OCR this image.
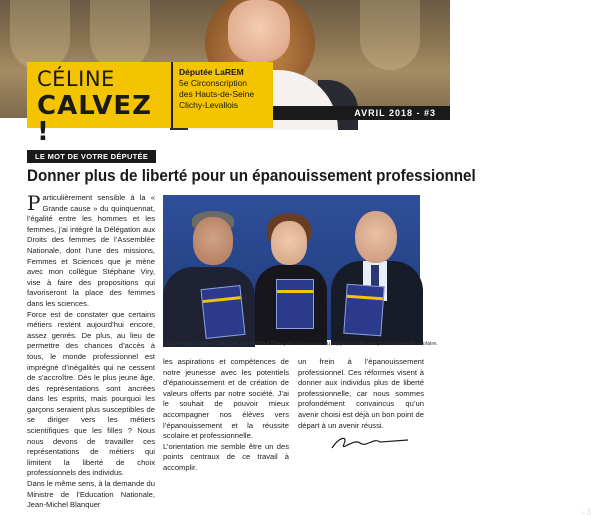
CÉLINE
CALVEZ !
Députée LaREM
5e Circonscription
des Hauts-de-Seine
Clichy-Levallois
AVRIL 2018 - #3
LE MOT DE VOTRE DÉPUTÉE
Donner plus de liberté pour un épanouissement professionnel

Particulièrement sensible à la « Grande cause » du quinquennat, l’égalité entre les hommes et les femmes, j’ai intégré la Délégation aux Droits des femmes de l’Assemblée Nationale, dont l’une des missions, Femmes et Sciences que je mène avec mon collègue Stéphane Viry, vise à faire des propositions qui favoriseront la place des femmes dans les sciences.

Force est de constater que certains métiers restent aujourd’hui encore, assez genrés. De plus, au lieu de permettre des chances d’accès à tous, le monde professionnel est imprégné d’inégalités qui ne cessent de s’accroître. Dès le plus jeune âge, des représentations sont ancrées dans les esprits, mais pourquoi les garçons seraient plus susceptibles de se diriger vers les métiers scientifiques que les filles ? Nous nous devons de travailler ces représentations de métiers qui limitent la liberté de choix professionnels des individus.

Dans le même sens, à la demande du Ministre de l’Education Nationale, Jean-Michel Blanquer

© DR
Le 22 février, Céline Calvez et Jean-Michel Blanquer à la remise du rapport sur la voie professionnelle scolaire.

les aspirations et compétences de notre jeunesse avec les potentiels d’épanouissement et de création de valeurs offerts par notre société. J’ai le souhait de pouvoir mieux accompagner nos élèves vers l’épanouissement et la réussite scolaire et professionnelle.

L’orientation me semble être un des points centraux de ce travail à accomplir.

un frein à l’épanouissement professionnel. Ces réformes visent à donner aux individus plus de liberté professionnelle, car nous sommes profondément convaincus qu’un avenir choisi est déjà un bon point de départ à un avenir réussi.
